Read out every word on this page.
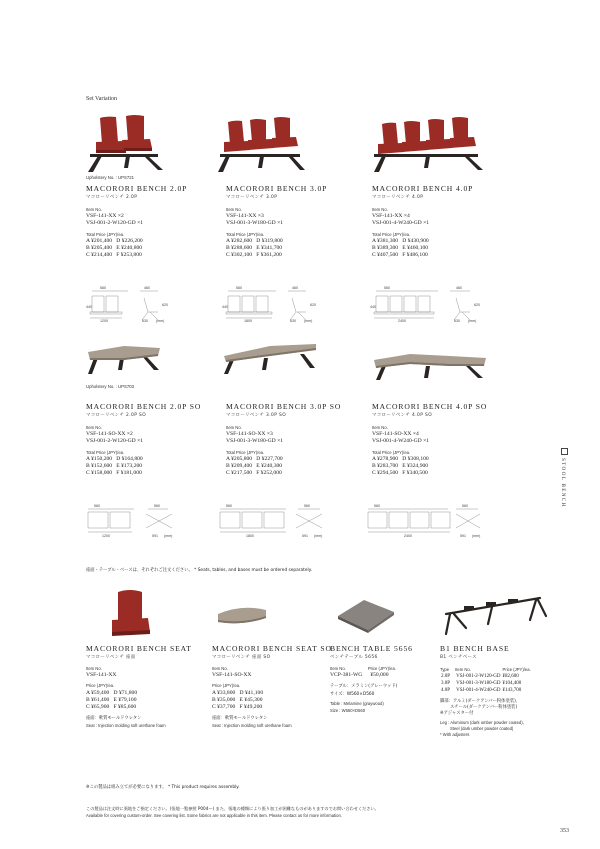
Set Variation
Upholstery No. : UPS721
MACORORI BENCH 2.0P
マコローリベンチ 2.0P
Item No.
VSF-141-XX ×2
VSJ-001-2-W120-GD ×1
Total Price (JPY)/ea.
A ¥201,400   D ¥226,200
B ¥205,400   E ¥240,800
C ¥214,400   F ¥253,800
MACORORI BENCH 3.0P
マコローリベンチ 3.0P
Item No.
VSF-141-XX ×3
VSJ-001-3-W180-GD ×1
Total Price (JPY)/ea.
A ¥282,600   D ¥319,800
B ¥288,600   E ¥341,700
C ¥302,100   F ¥361,200
MACORORI BENCH 4.0P
マコローリベンチ 4.0P
Item No.
VSF-141-XX ×4
VSJ-001-4-W240-GD ×1
Total Price (JPY)/ea.
A ¥381,300   D ¥430,900
B ¥389,300   E ¥460,100
C ¥407,500   F ¥486,100
560	460
440	620
1200	630 (mm)
560	460
440	620
1800	630 (mm)
560	460
440	620
2400	630 (mm)
Upholstery No. : UPS703
MACORORI BENCH 2.0P SO
マコローリベンチ 2.0P SO
Item No.
VSF-141-SO-XX ×2
VSJ-001-2-W120-GD ×1
Total Price (JPY)/ea.
A ¥150,200   D ¥164,800
B ¥152,600   E ¥173,200
C ¥158,000   F ¥181,000
MACORORI BENCH 3.0P SO
マコローリベンチ 3.0P SO
Item No.
VSF-141-SO-XX ×3
VSJ-001-3-W180-GD ×1
Total Price (JPY)/ea.
A ¥205,800   D ¥227,700
B ¥209,400   E ¥240,300
C ¥217,500   F ¥252,000
MACORORI BENCH 4.0P SO
マコローリベンチ 4.0P SO
Item No.
VSF-141-SO-XX ×4
VSJ-001-4-W240-GD ×1
Total Price (JPY)/ea.
A ¥278,900   D ¥308,100
B ¥283,700   E ¥324,900
C ¥294,500   F ¥340,500
560	560
1200	591 (mm)
560	560
1800	591 (mm)
560	560
2400	591 (mm)
座面・テーブル・ベースは、それぞれご注文ください。 * Seats, tables, and bases must be ordered separately.
MACORORI BENCH SEAT
マコローリベンチ 座面
Item No.
VSF-141-XX
Price (JPY)/ea.
A ¥59,400   D ¥71,800
B ¥61,400   E ¥79,100
C ¥65,900   F ¥85,600
座面：軟質モールドウレタン
Seat : Injection molding soft urethane foam
MACORORI BENCH SEAT SO
マコローリベンチ 座面 SO
Item No.
VSF-141-SO-XX
Price (JPY)/ea.
A ¥33,800   D ¥41,100
B ¥35,000   E ¥45,300
C ¥37,700   F ¥49,200
座面：軟質モールドウレタン
Seat : Injection molding soft urethane foam
BENCH TABLE 5656
ベンチテーブル 5656
Item No.	Price (JPY)/ea.
VCP-381-WG ¥50,000
テーブル：メラミン(グレーウッド)
サイズ：W560×D560
Table : Melamine (graywood)
Size : W560×D560
B1 BENCH BASE
B1 ベンチベース
Type	Item No.	Price (JPY)/ea.
2.0P	VSJ-001-2-W120-GD	¥82,600
3.0P	VSJ-001-3-W180-GD	¥104,400
4.0P	VSJ-001-4-W240-GD	¥143,700
脚部：アルミ(ダークアンバー粉体塗装)、
スチール(ダークアンバー粉体塗装)
※アジャスター付
Leg : Aluminum (dark umber powder coated),
Steel (dark umber powder coated)
* With adjusters
※この製品は組み立てが必要になります。 * This product requires assembly.
この製品は注文時に張地をご指定ください。(張地一覧参照 P004〜) また、張地の種類により張り加工が困難なものがありますのでお問い合わせください。
Available for covering custom-order. See covering list. Some fabrics are not applicable in this item. Please contact us for more information.
353
STOOL BENCH
